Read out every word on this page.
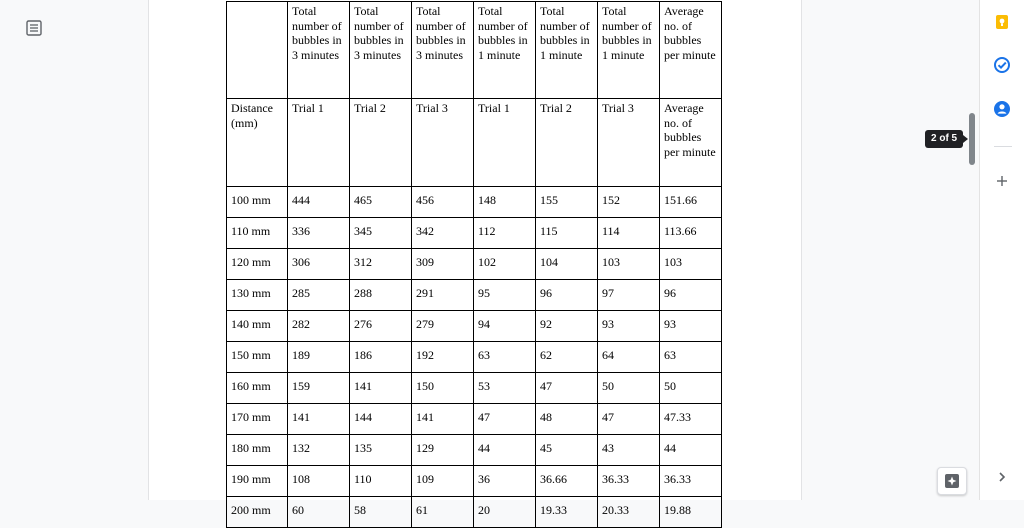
	Total number of bubbles in 3 minutes	Total number of bubbles in 3 minutes	Total number of bubbles in 3 minutes	Total number of bubbles in 1 minute	Total number of bubbles in 1 minute	Total number of bubbles in 1 minute	Average no. of bubbles per minute
Distance (mm)	Trial 1	Trial 2	Trial 3	Trial 1	Trial 2	Trial 3	Average no. of bubbles per minute
100 mm	444	465	456	148	155	152	151.66
110 mm	336	345	342	112	115	114	113.66
120 mm	306	312	309	102	104	103	103
130 mm	285	288	291	95	96	97	96
140 mm	282	276	279	94	92	93	93
150 mm	189	186	192	63	62	64	63
160 mm	159	141	150	53	47	50	50
170 mm	141	144	141	47	48	47	47.33
180 mm	132	135	129	44	45	43	44
190 mm	108	110	109	36	36.66	36.33	36.33
200 mm	60	58	61	20	19.33	20.33	19.88
2 of 5
